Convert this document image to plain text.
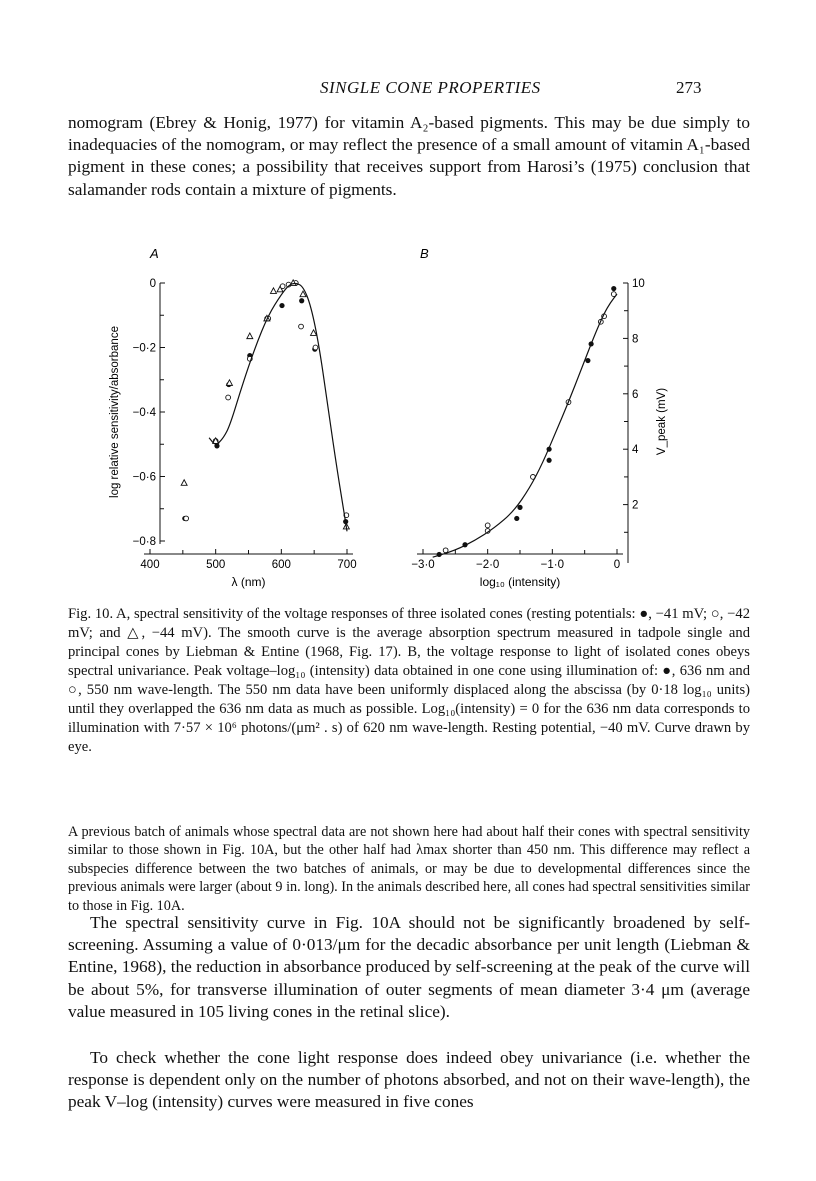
SINGLE CONE PROPERTIES	273

nomogram (Ebrey & Honig, 1977) for vitamin A₂-based pigments. This may be due simply to inadequacies of the nomogram, or may reflect the presence of a small amount of vitamin A₁-based pigment in these cones; a possibility that receives support from Harosi’s (1975) conclusion that salamander rods contain a mixture of pigments.

A	B
400	500	600	700
0
−0·2
−0·4
−0·6
−0·8
λ (nm)
log relative sensitivity/absorbance
−3·0	−2·0	−1·0	0
2
4
6
8
10
log₁₀ (intensity)
V_peak (mV)

Fig. 10. A, spectral sensitivity of the voltage responses of three isolated cones (resting potentials: ●, −41 mV; ○, −42 mV; and △, −44 mV). The smooth curve is the average absorption spectrum measured in tadpole single and principal cones by Liebman & Entine (1968, Fig. 17). B, the voltage response to light of isolated cones obeys spectral univariance. Peak voltage–log₁₀ (intensity) data obtained in one cone using illumination of: ●, 636 nm and ○, 550 nm wave-length. The 550 nm data have been uniformly displaced along the abscissa (by 0·18 log₁₀ units) until they overlapped the 636 nm data as much as possible. Log₁₀(intensity) = 0 for the 636 nm data corresponds to illumination with 7·57 × 10⁶ photons/(μm² . s) of 620 nm wave-length. Resting potential, −40 mV. Curve drawn by eye.

A previous batch of animals whose spectral data are not shown here had about half their cones with spectral sensitivity similar to those shown in Fig. 10A, but the other half had λmax shorter than 450 nm. This difference may reflect a subspecies difference between the two batches of animals, or may be due to developmental differences since the previous animals were larger (about 9 in. long). In the animals described here, all cones had spectral sensitivities similar to those in Fig. 10A.

The spectral sensitivity curve in Fig. 10A should not be significantly broadened by self-screening. Assuming a value of 0·013/μm for the decadic absorbance per unit length (Liebman & Entine, 1968), the reduction in absorbance produced by self-screening at the peak of the curve will be about 5%, for transverse illumination of outer segments of mean diameter 3·4 μm (average value measured in 105 living cones in the retinal slice).

To check whether the cone light response does indeed obey univariance (i.e. whether the response is dependent only on the number of photons absorbed, and not on their wave-length), the peak V–log (intensity) curves were measured in five cones
